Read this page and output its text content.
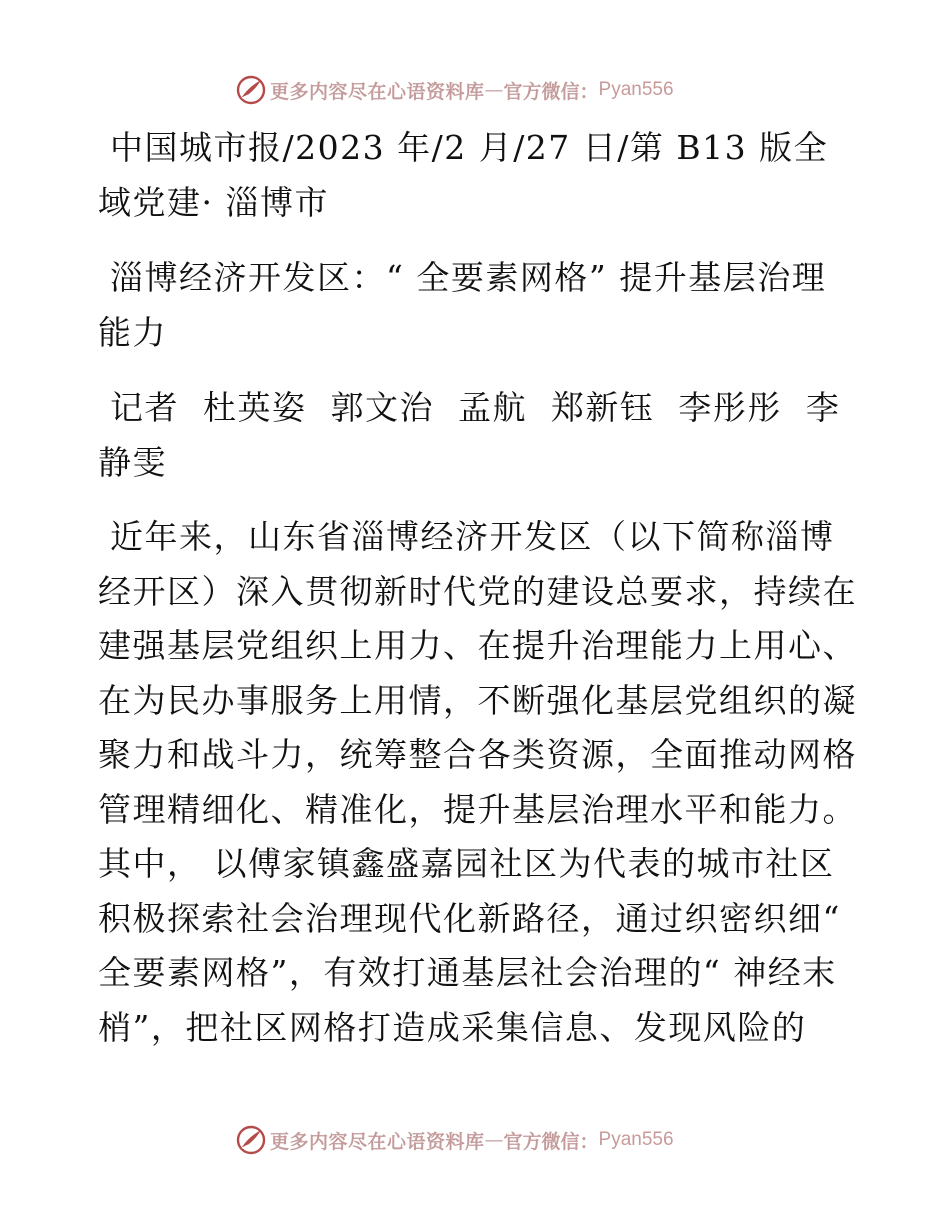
更多内容尽在心语资料库 — 官方微信： Pyan556

中国城市报/2023 年/2 月/27 日/第 B13 版全域党建· 淄博市

淄博经济开发区：“ 全要素网格” 提升基层治理能力

记者  杜英姿  郭文治  孟航  郑新钰  李彤彤  李静雯

近年来，山东省淄博经济开发区（以下简称淄博经开区）深入贯彻新时代党的建设总要求，持续在建强基层党组织上用力、在提升治理能力上用心、在为民办事服务上用情，不断强化基层党组织的凝聚力和战斗力，统筹整合各类资源，全面推动网格管理精细化、精准化，提升基层治理水平和能力。其中， 以傅家镇鑫盛嘉园社区为代表的城市社区积极探索社会治理现代化新路径，通过织密织细“ 全要素网格”，有效打通基层社会治理的“ 神经末梢”，把社区网格打造成采集信息、发现风险的

更多内容尽在心语资料库 — 官方微信： Pyan556
